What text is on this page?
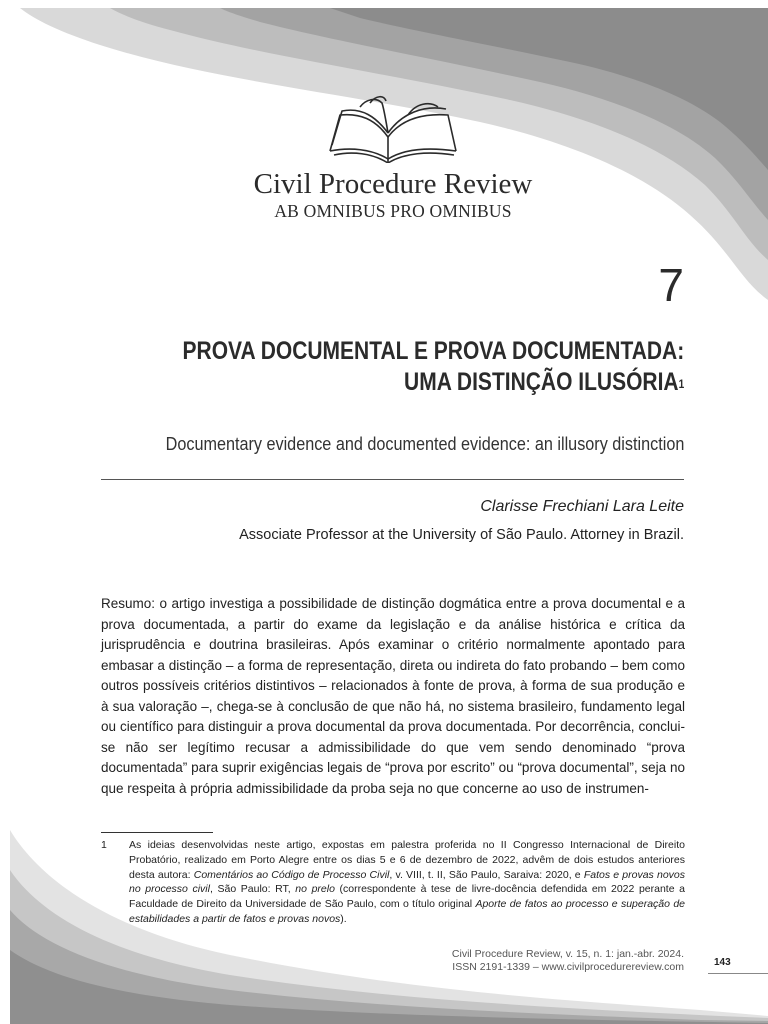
Civil Procedure Review
AB OMNIBUS PRO OMNIBUS
7
PROVA DOCUMENTAL E PROVA DOCUMENTADA:
UMA DISTINÇÃO ILUSÓRIA$^1$
Documentary evidence and documented evidence: an illusory distinction
Clarisse Frechiani Lara Leite
Associate Professor at the University of São Paulo. Attorney in Brazil.
Resumo: o artigo investiga a possibilidade de distinção dogmática entre a prova documental e a prova documentada, a partir do exame da legislação e da análise histórica e crítica da jurisprudência e doutrina brasileiras. Após examinar o critério normalmente apontado para embasar a distinção – a forma de representação, direta ou indireta do fato probando – bem como outros possíveis critérios distintivos – relacionados à fonte de prova, à forma de sua produção e à sua valoração –, chega-se à conclusão de que não há, no sistema brasileiro, fundamento legal ou científico para distinguir a prova documental da prova documentada. Por decorrência, conclui-se não ser legítimo recusar a admissibilidade do que vem sendo denominado “prova documentada” para suprir exigências legais de “prova por escrito” ou “prova documental”, seja no que respeita à própria admissibilidade da proba seja no que concerne ao uso de instrumen-
1 As ideias desenvolvidas neste artigo, expostas em palestra proferida no II Congresso Internacional de Direito Probatório, realizado em Porto Alegre entre os dias 5 e 6 de dezembro de 2022, advêm de dois estudos anteriores desta autora: Comentários ao Código de Processo Civil, v. VIII, t. II, São Paulo, Saraiva: 2020, e Fatos e provas novos no processo civil, São Paulo: RT, no prelo (correspondente à tese de livre-docência defendida em 2022 perante a Faculdade de Direito da Universidade de São Paulo, com o título original Aporte de fatos ao processo e superação de estabilidades a partir de fatos e provas novos).
Civil Procedure Review, v. 15, n. 1: jan.-abr. 2024.
ISSN 2191-1339 – www.civilprocedurereview.com	143
